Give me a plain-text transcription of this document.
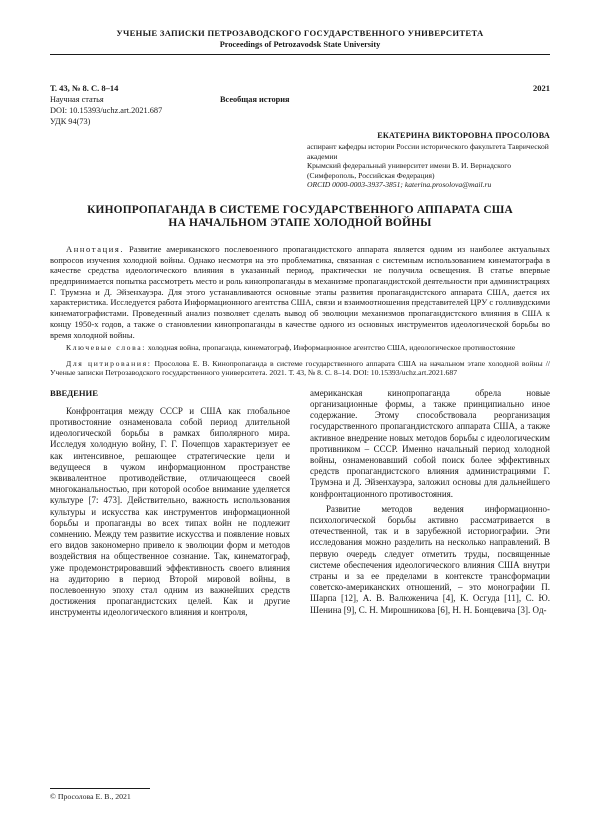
УЧЕНЫЕ ЗАПИСКИ ПЕТРОЗАВОДСКОГО ГОСУДАРСТВЕННОГО УНИВЕРСИТЕТА
Proceedings of Petrozavodsk State University
Т. 43, № 8. С. 8–14	2021
Научная статья	Всеобщая история
DOI: 10.15393/uchz.art.2021.687
УДК 94(73)
ЕКАТЕРИНА ВИКТОРОВНА ПРОСОЛОВА
аспирант кафедры истории России исторического факультета Таврической академии
Крымский федеральный университет имени В. И. Вернадского
(Симферополь, Российская Федерация)
ORCID 0000-0003-3937-3851; katerina.prosolova@mail.ru
КИНОПРОПАГАНДА В СИСТЕМЕ ГОСУДАРСТВЕННОГО АППАРАТА США
НА НАЧАЛЬНОМ ЭТАПЕ ХОЛОДНОЙ ВОЙНЫ

Аннотация. Развитие американского послевоенного пропагандистского аппарата является одним из наиболее актуальных вопросов изучения холодной войны. Однако несмотря на это проблематика, связанная с системным использованием кинематографа в качестве средства идеологического влияния в указанный период, практически не получила освещения. В статье впервые предпринимается попытка рассмотреть место и роль кинопропаганды в механизме пропагандистской деятельности при администрациях Г. Трумэна и Д. Эйзенхауэра. Для этого устанавливаются основные этапы развития пропагандистского аппарата США, дается их характеристика. Исследуется работа Информационного агентства США, связи и взаимоотношения представителей ЦРУ с голливудскими кинематографистами. Проведенный анализ позволяет сделать вывод об эволюции механизмов пропагандистского влияния в США к концу 1950-х годов, а также о становлении кинопропаганды в качестве одного из основных инструментов идеологической борьбы во время холодной войны.

Ключевые слова: холодная война, пропаганда, кинематограф, Информационное агентство США, идеологическое противостояние
Для цитирования: Просолова Е. В. Кинопропаганда в системе государственного аппарата США на начальном этапе холодной войны // Ученые записки Петрозаводского государственного университета. 2021. Т. 43, № 8. С. 8–14. DOI: 10.15393/uchz.art.2021.687
ВВЕДЕНИЕ

Конфронтация между СССР и США как глобальное противостояние ознаменовала собой период длительной идеологической борьбы в рамках биполярного мира. Исследуя холодную войну, Г. Г. Почепцов характеризует ее как интенсивное, решающее стратегические цели и ведущееся в чужом информационном пространстве эквивалентное противодействие, отличающееся своей многоканальностью, при которой особое внимание уделяется культуре [7: 473]. Действительно, важность использования культуры и искусства как инструментов информационной борьбы и пропаганды во всех типах войн не подлежит сомнению. Между тем развитие искусства и появление новых его видов закономерно привело к эволюции форм и методов воздействия на общественное сознание. Так, кинематограф, уже продемонстрировавший эффективность своего влияния на аудиторию в период Второй мировой войны, в послевоенную эпоху стал одним из важнейших средств достижения пропагандистских целей. Как и другие инструменты идеологического влияния и контроля,

американская кинопропаганда обрела новые организационные формы, а также принципиально иное содержание. Этому способствовала реорганизация государственного пропагандистского аппарата США, а также активное внедрение новых методов борьбы с идеологическим противником – СССР. Именно начальный период холодной войны, ознаменовавший собой поиск более эффективных средств пропагандистского влияния администрациями Г. Трумэна и Д. Эйзенхауэра, заложил основы для дальнейшего конфронтационного противостояния.

Развитие методов ведения информационно-психологической борьбы активно рассматривается в отечественной, так и в зарубежной историографии. Эти исследования можно разделить на несколько направлений. В первую очередь следует отметить труды, посвященные системе обеспечения идеологического влияния США внутри страны и за ее пределами в контексте трансформации советско-американских отношений, – это монографии П. Шарпа [12], А. В. Валюженича [4], К. Осгуда [11], С. Ю. Шенина [9], С. Н. Мирошникова [6], Н. Н. Бонцевича [3]. Од-

© Просолова Е. В., 2021
